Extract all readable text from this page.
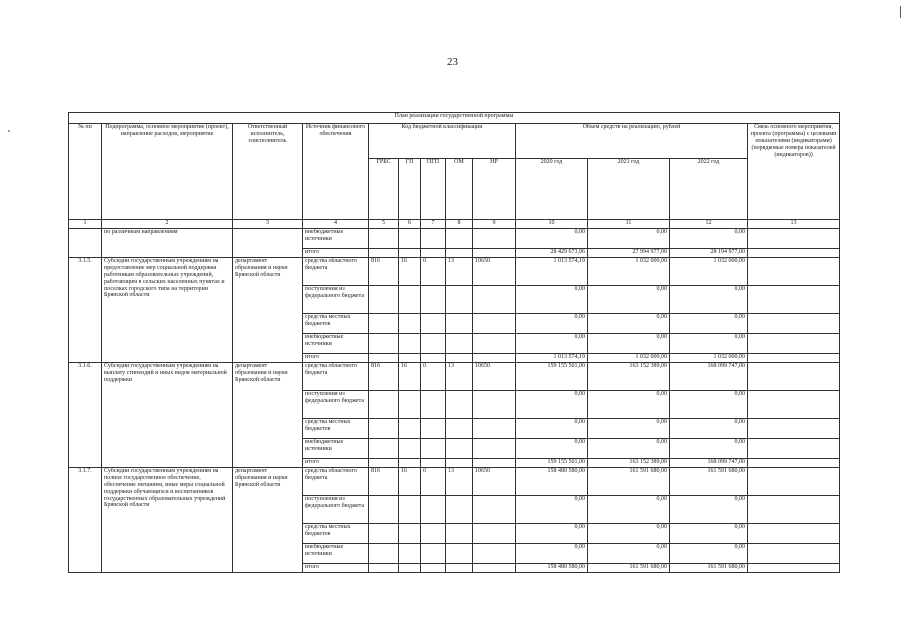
23
План реализации государственной программы												
№ пп	Подпрограмма, основное мероприятие (проект), направление расходов, мероприятие	Ответственный исполнитель, соисполнитель	Источник финансового обеспечения	Код бюджетной классификации					Объем средств на реализацию, рублей			Связь основного мероприятия, проекта (программы) с целевыми показателями (индикаторами) (порядковые номера показателей (индикаторов))
				ГРБС	ГП	ПГП	ОМ	НР	2020 год	2021 год	2022 год	
1	2	3	4	5	6	7	8	9	10	11	12	13
	по различным направлениям		внебюджетные источники						0,00	0,00	0,00	
			итого						28 429 673,96	27 994 977,00	28 194 977,00	
3.1.5.	Субсидии государственным учреждениям на предоставление мер социальной поддержки работникам образовательных учреждений, работающим в сельских населенных пунктах и поселках городского типа на территории Брянской области	департамент образования и науки Брянской области	средства областного бюджета	816	16	0	13	10650	1 013 574,19	1 032 000,00	1 032 000,00	
			поступления из федерального бюджета						0,00	0,00	0,00	
			средства местных бюджетов						0,00	0,00	0,00	
			внебюджетные источники						0,00	0,00	0,00	
			итого						1 013 574,19	1 032 000,00	1 032 000,00	
3.1.6.	Субсидии государственным учреждениям на выплату стипендий и иных видов материальной поддержки	департамент образования и науки Брянской области	средства областного бюджета	816	16	0	13	10650	159 155 501,00	163 152 389,00	168 099 747,00	
			поступления из федерального бюджета						0,00	0,00	0,00	
			средства местных бюджетов						0,00	0,00	0,00	
			внебюджетные источники						0,00	0,00	0,00	
			итого						159 155 501,00	163 152 389,00	168 099 747,00	
3.1.7.	Субсидии государственным учреждениям на полное государственное обеспечение, обеспечение питанием, иные меры социальной поддержки обучающихся и воспитанников государственных образовательных учреждений Брянской области	департамент образования и науки Брянской области	средства областного бюджета	816	16	0	13	10650	158 480 580,00	161 591 680,00	161 591 680,00	
			поступления из федерального бюджета						0,00	0,00	0,00	
			средства местных бюджетов						0,00	0,00	0,00	
			внебюджетные источники						0,00	0,00	0,00	
			итого						158 480 580,00	161 591 680,00	161 591 680,00	
